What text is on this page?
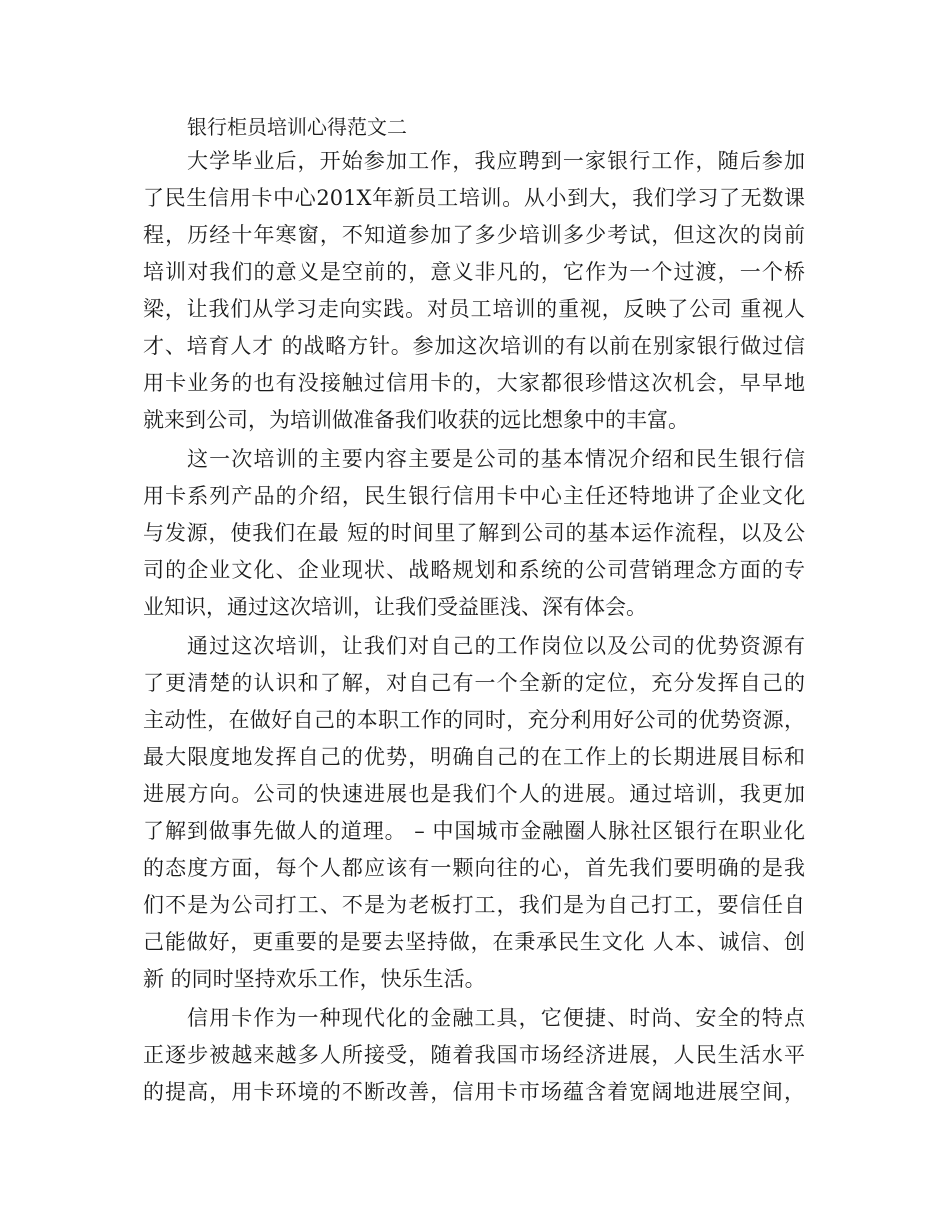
银行柜员培训心得范文二
大学毕业后，开始参加工作，我应聘到一家银行工作，随后参加
了民生信用卡中心201X年新员工培训。从小到大，我们学习了无数课
程，历经十年寒窗，不知道参加了多少培训多少考试，但这次的岗前
培训对我们的意义是空前的，意义非凡的，它作为一个过渡，一个桥
梁，让我们从学习走向实践。对员工培训的重视，反映了公司 重视人
才、培育人才 的战略方针。参加这次培训的有以前在别家银行做过信
用卡业务的也有没接触过信用卡的，大家都很珍惜这次机会，早早地
就来到公司，为培训做准备我们收获的远比想象中的丰富。
这一次培训的主要内容主要是公司的基本情况介绍和民生银行信
用卡系列产品的介绍，民生银行信用卡中心主任还特地讲了企业文化
与发源，使我们在最 短的时间里了解到公司的基本运作流程，以及公
司的企业文化、企业现状、战略规划和系统的公司营销理念方面的专
业知识，通过这次培训，让我们受益匪浅、深有体会。
通过这次培训，让我们对自己的工作岗位以及公司的优势资源有
了更清楚的认识和了解，对自己有一个全新的定位，充分发挥自己的
主动性，在做好自己的本职工作的同时，充分利用好公司的优势资源，
最大限度地发挥自己的优势，明确自己的在工作上的长期进展目标和
进展方向。公司的快速进展也是我们个人的进展。通过培训，我更加
了解到做事先做人的道理。 – 中国城市金融圈人脉社区银行在职业化
的态度方面，每个人都应该有一颗向往的心，首先我们要明确的是我
们不是为公司打工、不是为老板打工，我们是为自己打工，要信任自
己能做好，更重要的是要去坚持做，在秉承民生文化 人本、诚信、创
新 的同时坚持欢乐工作，快乐生活。
信用卡作为一种现代化的金融工具，它便捷、时尚、安全的特点
正逐步被越来越多人所接受，随着我国市场经济进展，人民生活水平
的提高，用卡环境的不断改善，信用卡市场蕴含着宽阔地进展空间，
